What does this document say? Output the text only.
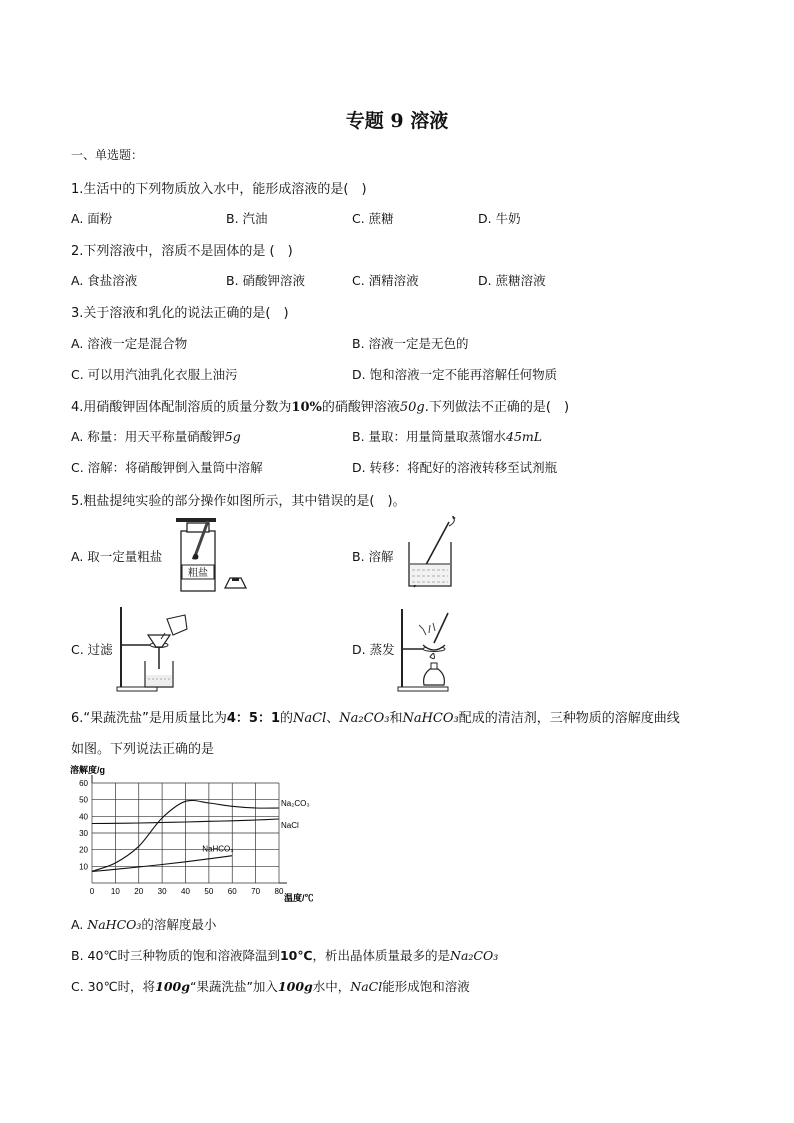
专题 9 溶液
一、单选题：
1.生活中的下列物质放入水中，能形成溶液的是(　)
A. 面粉	B. 汽油	C. 蔗糖	D. 牛奶
2.下列溶液中，溶质不是固体的是 (　)
A. 食盐溶液	B. 硝酸钾溶液	C. 酒精溶液	D. 蔗糖溶液
3.关于溶液和乳化的说法正确的是(　)
A. 溶液一定是混合物	B. 溶液一定是无色的
C. 可以用汽油乳化衣服上油污	D. 饱和溶液一定不能再溶解任何物质
4.用硝酸钾固体配制溶质的质量分数为10%的硝酸钾溶液50g.下列做法不正确的是(　)
A. 称量：用天平称量硝酸钾5g	B. 量取：用量筒量取蒸馏水45mL
C. 溶解：将硝酸钾倒入量筒中溶解	D. 转移：将配好的溶液转移至试剂瓶
5.粗盐提纯实验的部分操作如图所示，其中错误的是(　)。
A. 取一定量粗盐	B. 溶解
C. 过滤	D. 蒸发
粗盐
6.“果蔬洗盐”是用质量比为4：5：1的NaCl、Na₂CO₃和NaHCO₃配成的清洁剂，三种物质的溶解度曲线
如图。下列说法正确的是
溶解度/g
温度/℃
0 10 20 30 40 50 60 70 80
10
20
30
40
50
60
Na₂CO₃
NaCl
NaHCO₃
A. NaHCO₃的溶解度最小
B. 40℃时三种物质的饱和溶液降温到10℃，析出晶体质量最多的是Na₂CO₃
C. 30℃时，将100g“果蔬洗盐”加入100g水中，NaCl能形成饱和溶液
